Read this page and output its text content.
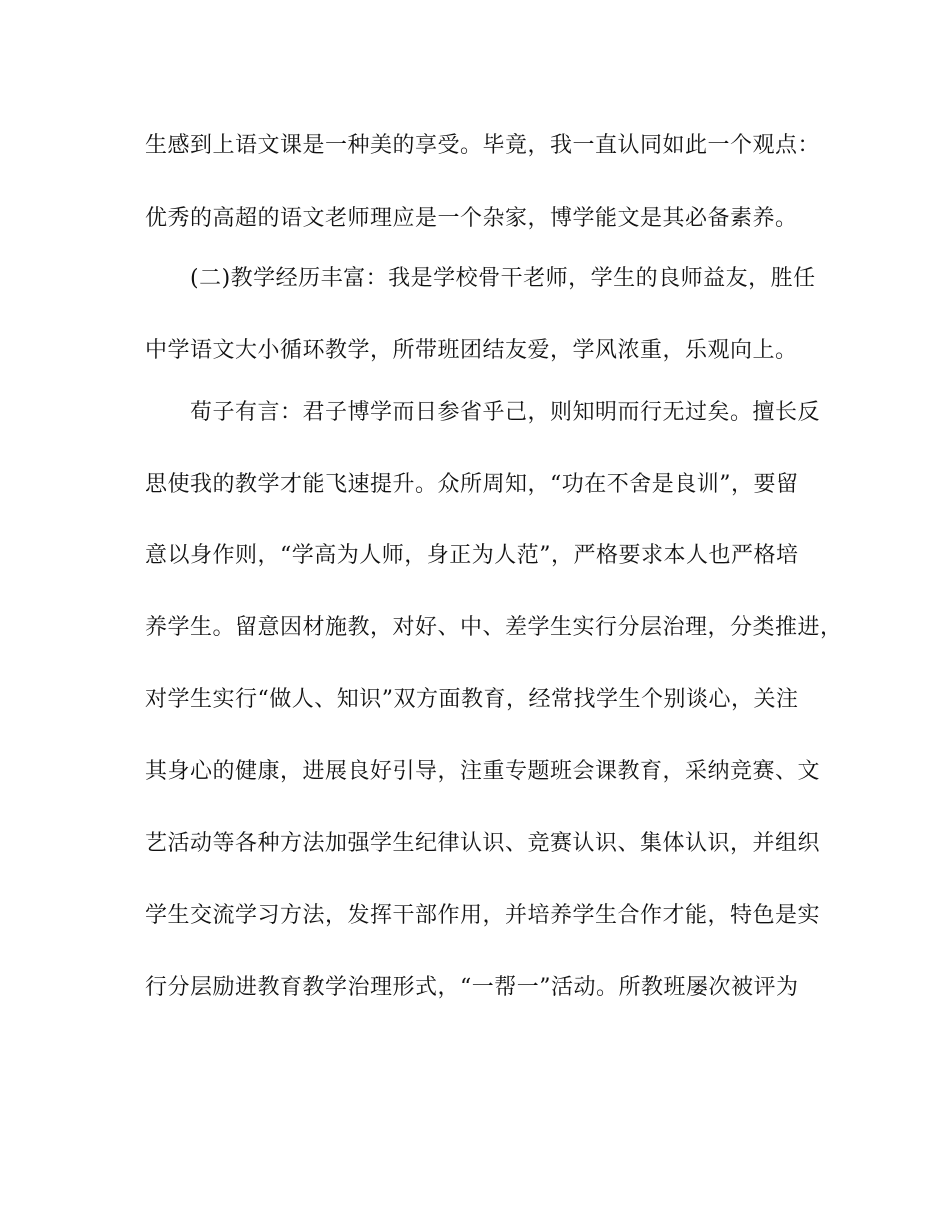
生感到上语文课是一种美的享受。毕竟，我一直认同如此一个观点：
优秀的高超的语文老师理应是一个杂家，博学能文是其必备素养。
(二)教学经历丰富：我是学校骨干老师，学生的良师益友，胜任
中学语文大小循环教学，所带班团结友爱，学风浓重，乐观向上。
荀子有言：君子博学而日参省乎己，则知明而行无过矣。擅长反
思使我的教学才能飞速提升。众所周知，“功在不舍是良训”，要留
意以身作则，“学高为人师，身正为人范”，严格要求本人也严格培
养学生。留意因材施教，对好、中、差学生实行分层治理，分类推进，
对学生实行“做人、知识”双方面教育，经常找学生个别谈心，关注
其身心的健康，进展良好引导，注重专题班会课教育，采纳竞赛、文
艺活动等各种方法加强学生纪律认识、竞赛认识、集体认识，并组织
学生交流学习方法，发挥干部作用，并培养学生合作才能，特色是实
行分层励进教育教学治理形式，“一帮一”活动。所教班屡次被评为
